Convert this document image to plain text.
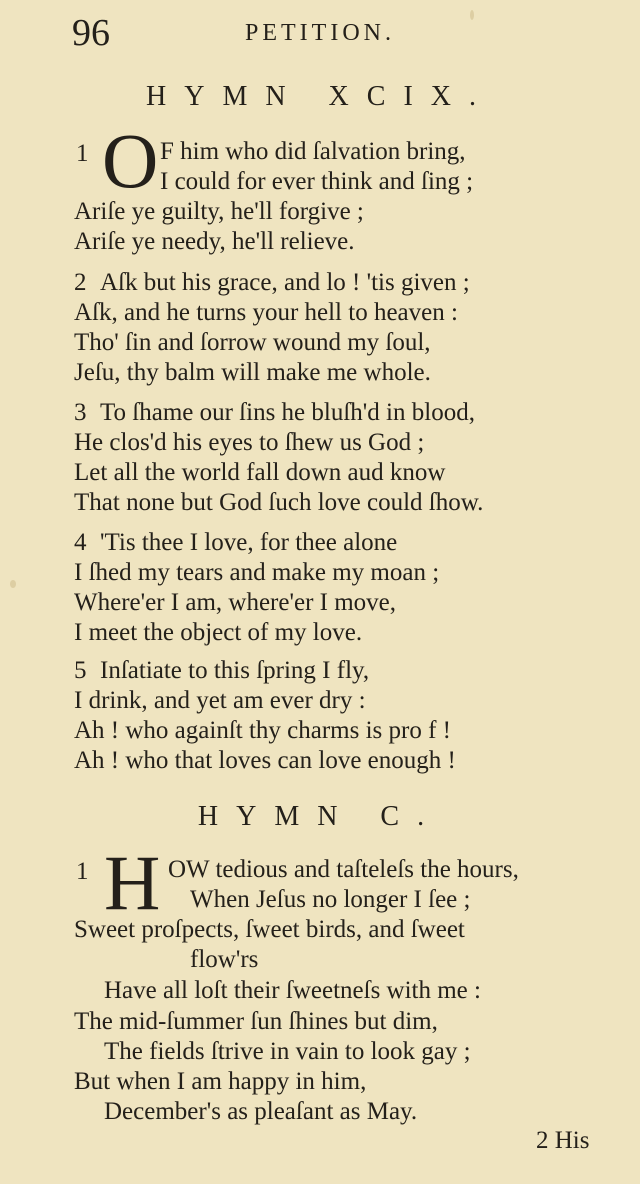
96	PETITION.
HYMN XCIX.
1 O F him who did ſalvation bring,
I could for ever think and ſing ;
Ariſe ye guilty, he'll forgive ;
Ariſe ye needy, he'll relieve.
2 Aſk but his grace, and lo ! 'tis given ;
Aſk, and he turns your hell to heaven :
Tho' ſin and ſorrow wound my ſoul,
Jeſu, thy balm will make me whole.
3 To ſhame our ſins he bluſh'd in blood,
He clos'd his eyes to ſhew us God ;
Let all the world fall down aud know
That none but God ſuch love could ſhow.
4 'Tis thee I love, for thee alone
I ſhed my tears and make my moan ;
Where'er I am, where'er I move,
I meet the object of my love.
5 Inſatiate to this ſpring I fly,
I drink, and yet am ever dry :
Ah ! who againſt thy charms is pro f !
Ah ! who that loves can love enough !
HYMN C.
1 H OW tedious and taſteleſs the hours,
When Jeſus no longer I ſee ;
Sweet proſpects, ſweet birds, and ſweet
flow'rs
Have all loſt their ſweetneſs with me :
The mid-ſummer ſun ſhines but dim,
The fields ſtrive in vain to look gay ;
But when I am happy in him,
December's as pleaſant as May.
2 His
